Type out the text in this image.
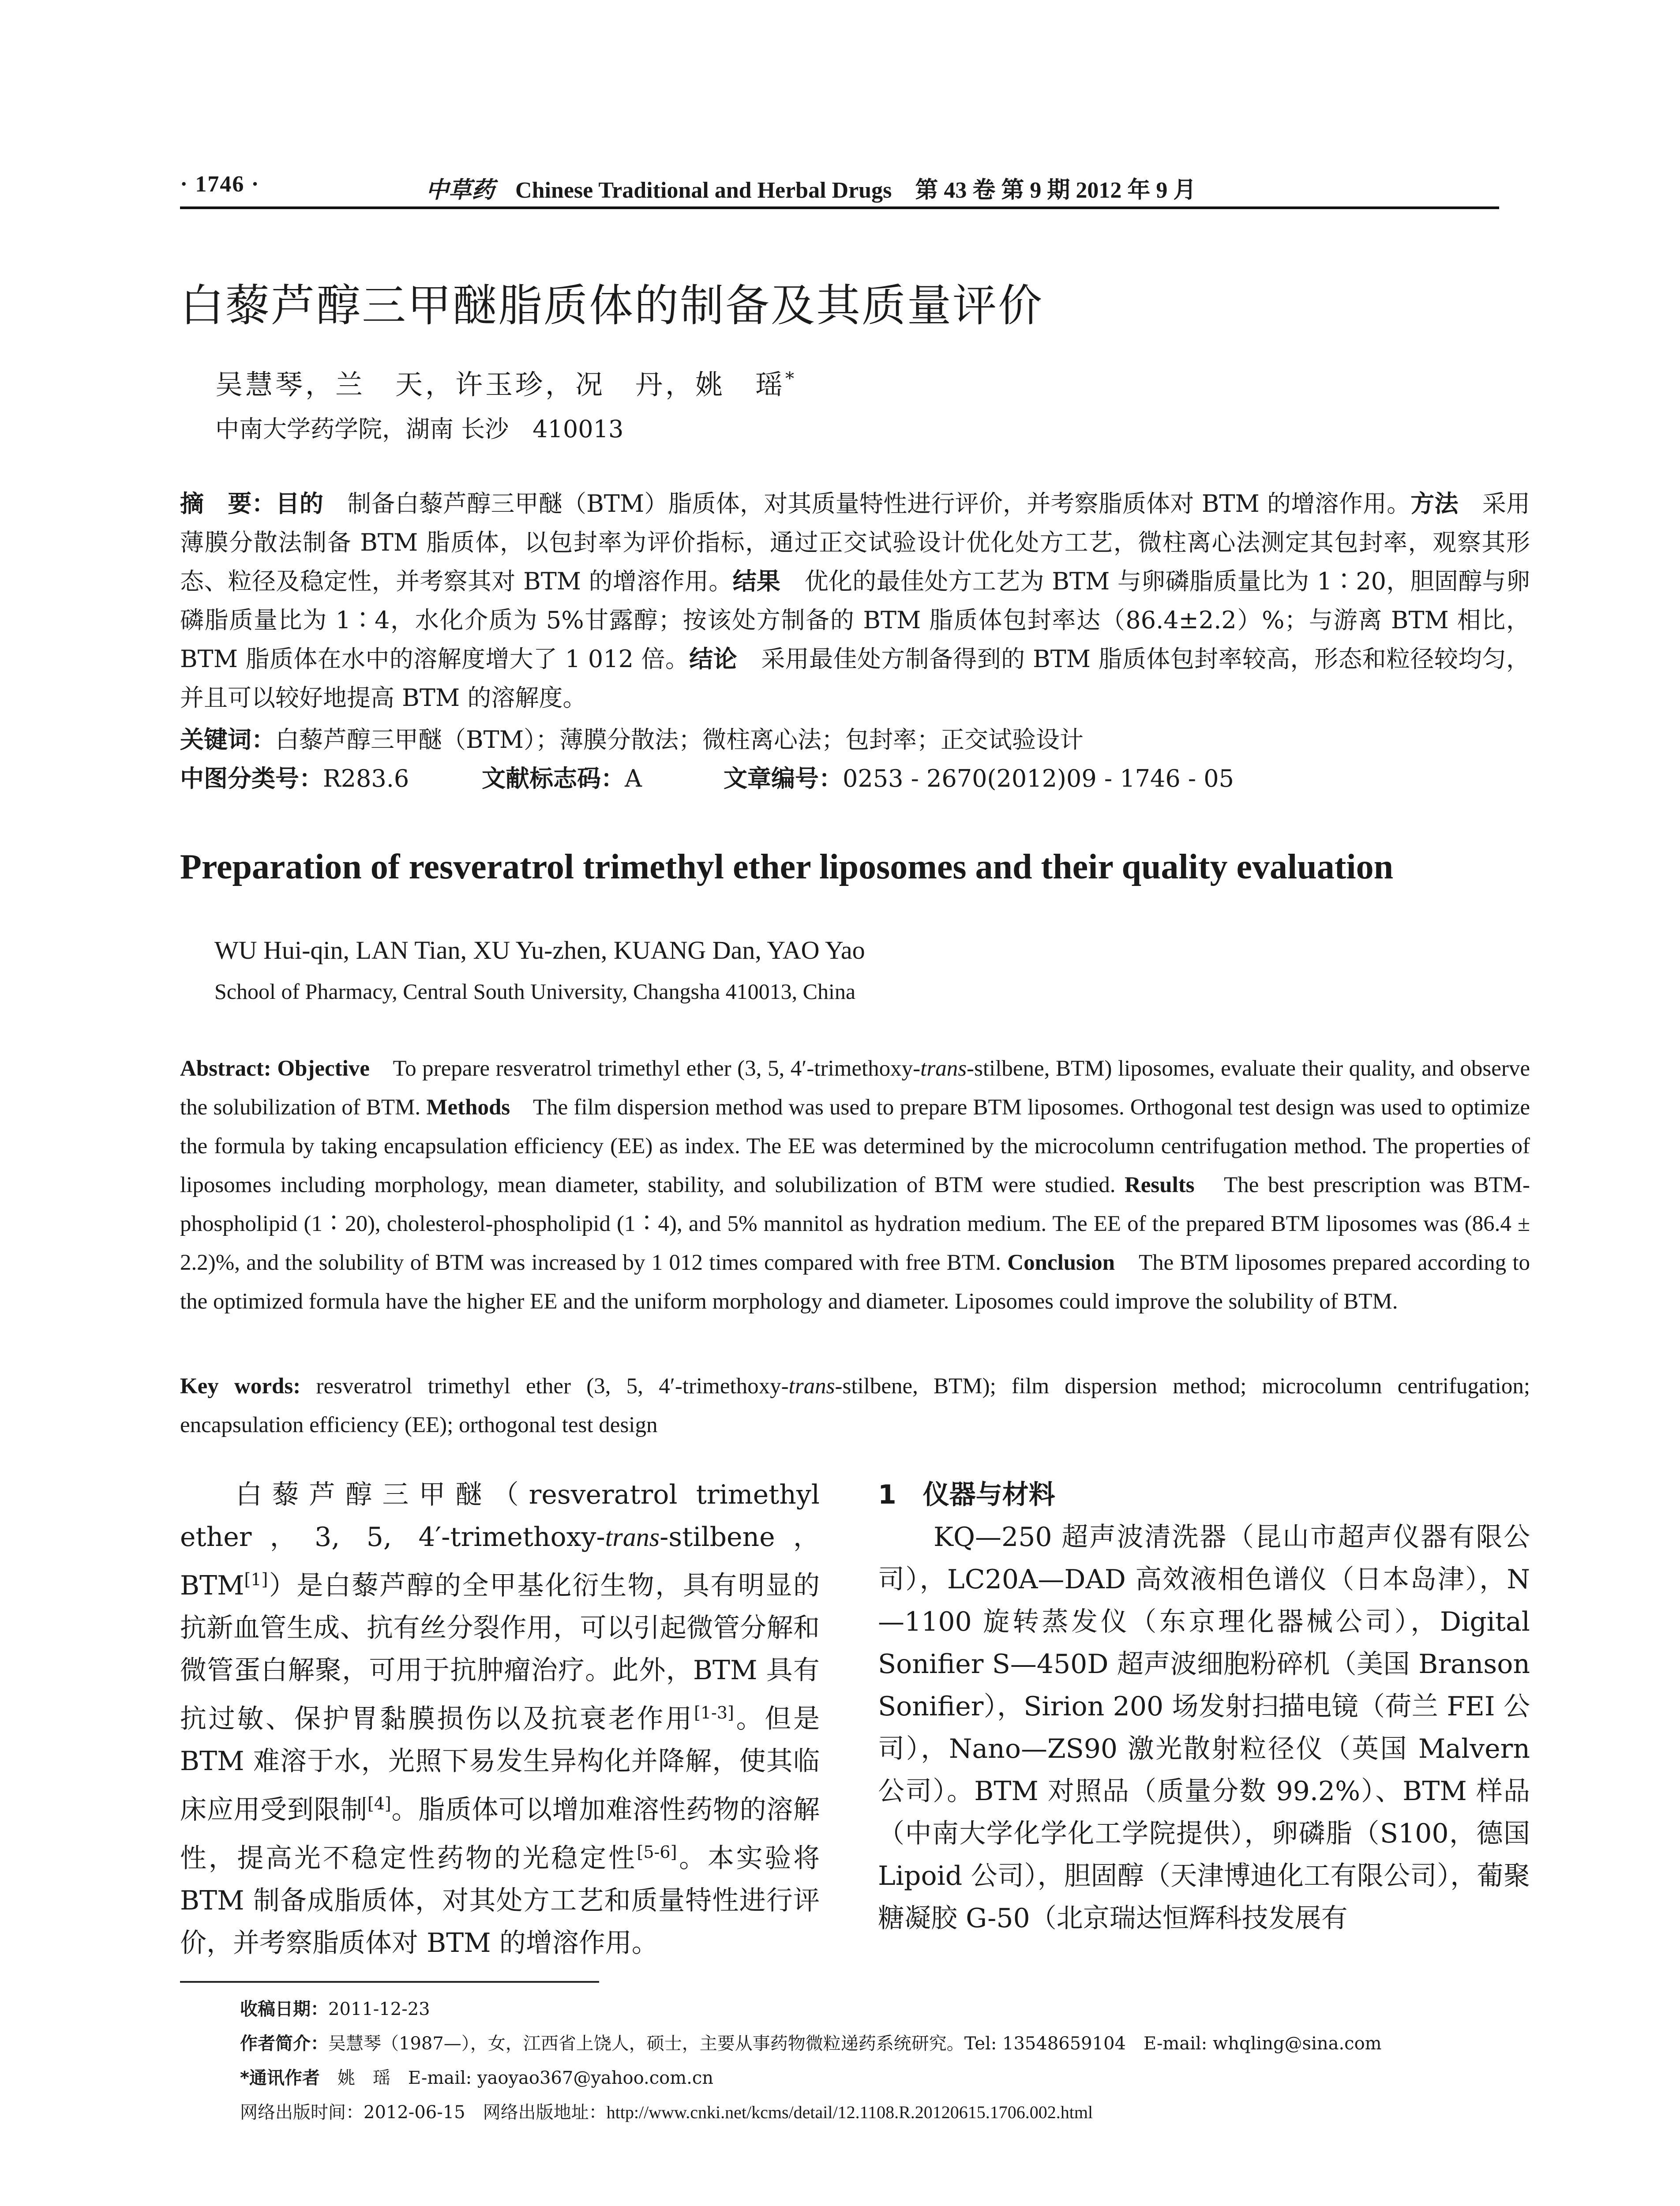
· 1746 ·	中草药 Chinese Traditional and Herbal Drugs 第 43 卷 第 9 期 2012 年 9 月
白藜芦醇三甲醚脂质体的制备及其质量评价
吴慧琴，兰　天，许玉珍，况　丹，姚　瑶*
中南大学药学院，湖南 长沙　410013
摘　要：目的　制备白藜芦醇三甲醚（BTM）脂质体，对其质量特性进行评价，并考察脂质体对 BTM 的增溶作用。方法　采用薄膜分散法制备 BTM 脂质体，以包封率为评价指标，通过正交试验设计优化处方工艺，微柱离心法测定其包封率，观察其形态、粒径及稳定性，并考察其对 BTM 的增溶作用。结果　优化的最佳处方工艺为 BTM 与卵磷脂质量比为 1∶20，胆固醇与卵磷脂质量比为 1∶4，水化介质为 5%甘露醇；按该处方制备的 BTM 脂质体包封率达（86.4±2.2）%；与游离 BTM 相比，BTM 脂质体在水中的溶解度增大了 1 012 倍。结论　采用最佳处方制备得到的 BTM 脂质体包封率较高，形态和粒径较均匀，并且可以较好地提高 BTM 的溶解度。
关键词：白藜芦醇三甲醚（BTM）；薄膜分散法；微柱离心法；包封率；正交试验设计
中图分类号：R283.6	文献标志码：A	文章编号：0253 - 2670(2012)09 - 1746 - 05
Preparation of resveratrol trimethyl ether liposomes and their quality evaluation
WU Hui-qin, LAN Tian, XU Yu-zhen, KUANG Dan, YAO Yao
School of Pharmacy, Central South University, Changsha 410013, China
Abstract: Objective　To prepare resveratrol trimethyl ether (3, 5, 4′-trimethoxy-trans-stilbene, BTM) liposomes, evaluate their quality, and observe the solubilization of BTM. Methods　The film dispersion method was used to prepare BTM liposomes. Orthogonal test design was used to optimize the formula by taking encapsulation efficiency (EE) as index. The EE was determined by the microcolumn centrifugation method. The properties of liposomes including morphology, mean diameter, stability, and solubilization of BTM were studied. Results　The best prescription was BTM-phospholipid (1∶20), cholesterol-phospholipid (1∶4), and 5% mannitol as hydration medium. The EE of the prepared BTM liposomes was (86.4 ± 2.2)%, and the solubility of BTM was increased by 1 012 times compared with free BTM. Conclusion　The BTM liposomes prepared according to the optimized formula have the higher EE and the uniform morphology and diameter. Liposomes could improve the solubility of BTM.
Key words: resveratrol trimethyl ether (3, 5, 4′-trimethoxy-trans-stilbene, BTM); film dispersion method; microcolumn centrifugation; encapsulation efficiency (EE); orthogonal test design
白藜芦醇三甲醚（resveratrol trimethyl ether，3, 5, 4′-trimethoxy-trans-stilbene，BTM[1]）是白藜芦醇的全甲基化衍生物，具有明显的抗新血管生成、抗有丝分裂作用，可以引起微管分解和微管蛋白解聚，可用于抗肿瘤治疗。此外，BTM 具有抗过敏、保护胃黏膜损伤以及抗衰老作用[1-3]。但是 BTM 难溶于水，光照下易发生异构化并降解，使其临床应用受到限制[4]。脂质体可以增加难溶性药物的溶解性，提高光不稳定性药物的光稳定性[5-6]。本实验将 BTM 制备成脂质体，对其处方工艺和质量特性进行评价，并考察脂质体对 BTM 的增溶作用。
1　仪器与材料
KQ—250 超声波清洗器（昆山市超声仪器有限公司），LC20A—DAD 高效液相色谱仪（日本岛津），N—1100 旋转蒸发仪（东京理化器械公司），Digital Sonifier S—450D 超声波细胞粉碎机（美国 Branson Sonifier），Sirion 200 场发射扫描电镜（荷兰 FEI 公司），Nano—ZS90 激光散射粒径仪（英国 Malvern 公司）。BTM 对照品（质量分数 99.2%）、BTM 样品（中南大学化学化工学院提供），卵磷脂（S100，德国 Lipoid 公司），胆固醇（天津博迪化工有限公司），葡聚糖凝胶 G-50（北京瑞达恒辉科技发展有
收稿日期：2011-12-23
作者简介：吴慧琴（1987—），女，江西省上饶人，硕士，主要从事药物微粒递药系统研究。Tel: 13548659104　E-mail: whqling@sina.com
*通讯作者　姚　瑶　E-mail: yaoyao367@yahoo.com.cn
网络出版时间：2012-06-15　网络出版地址：http://www.cnki.net/kcms/detail/12.1108.R.20120615.1706.002.html
